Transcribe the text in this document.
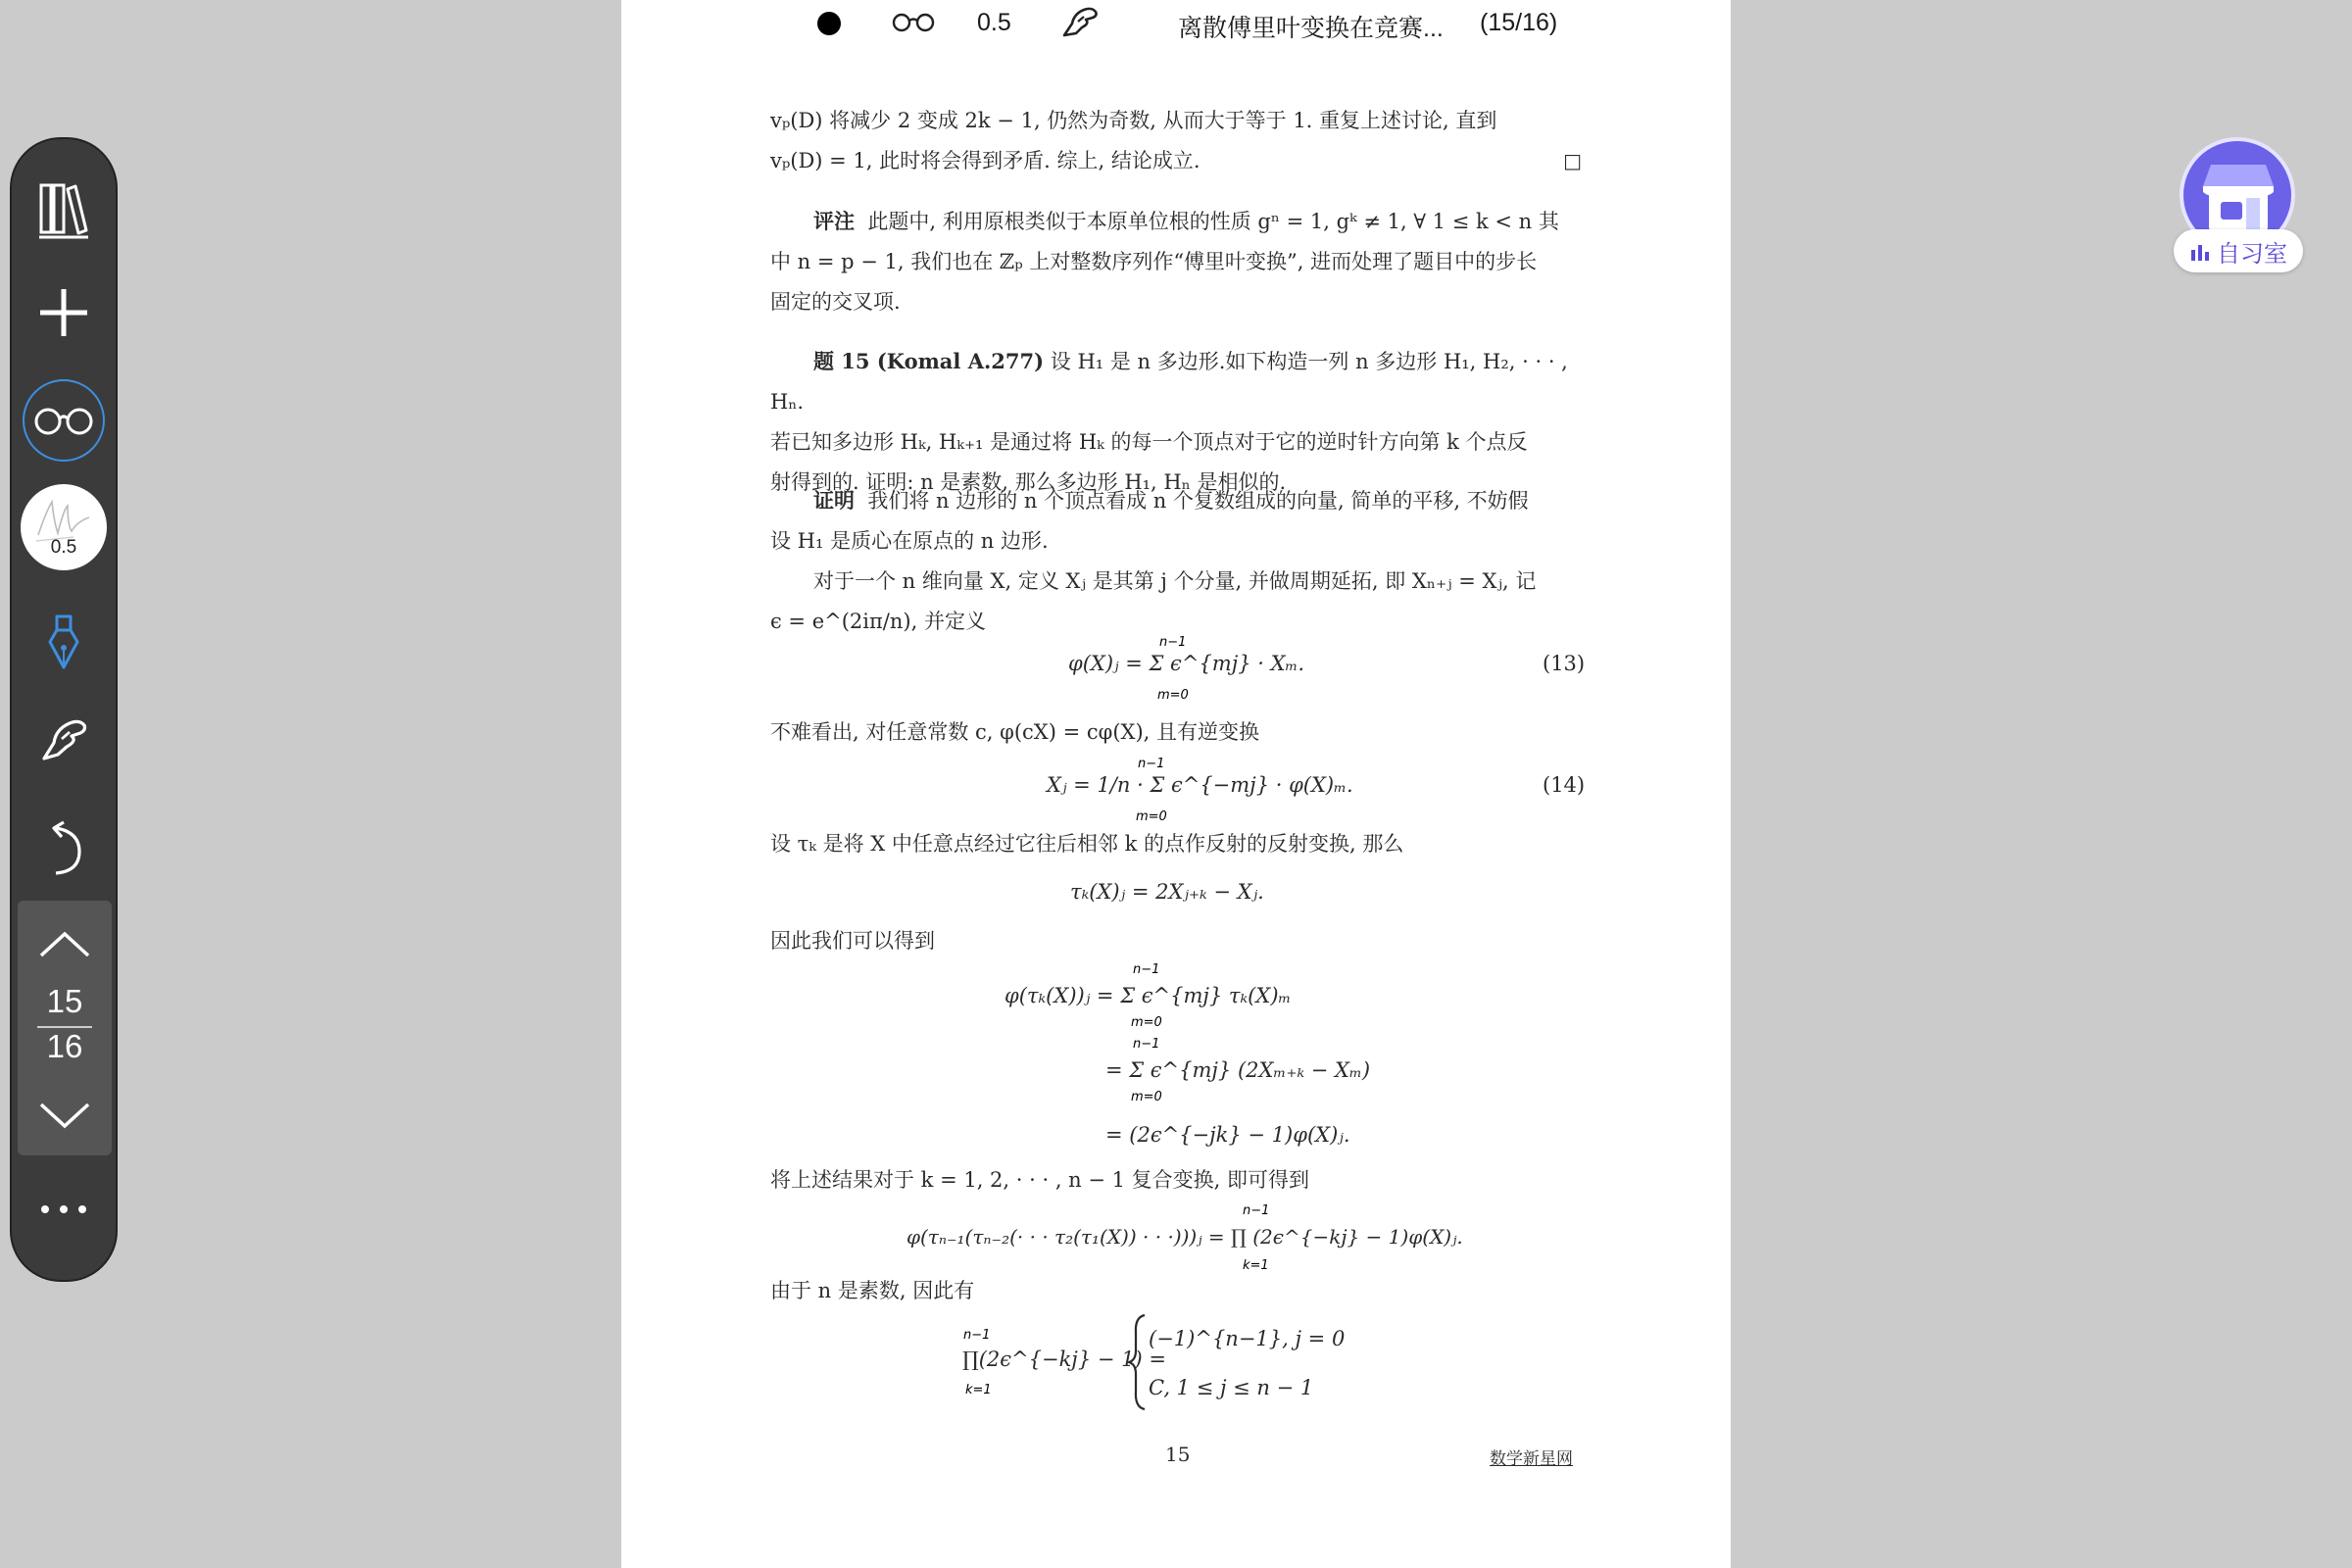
0.5	离散傅里叶变换在竞赛... (15/16)

vₚ(D) 将减少 2 变成 2k − 1, 仍然为奇数, 从而大于等于 1. 重复上述讨论, 直到

vₚ(D) = 1, 此时将会得到矛盾. 综上, 结论成立.	□

评注 此题中, 利用原根类似于本原单位根的性质 gⁿ = 1, gᵏ ≠ 1, ∀ 1 ≤ k < n 其

中 n = p − 1, 我们也在 ℤₚ 上对整数序列作“傅里叶变换”, 进而处理了题目中的步长

固定的交叉项.

题 15 (Komal A.277) 设 H₁ 是 n 多边形.如下构造一列 n 多边形 H₁, H₂, · · · , Hₙ.

若已知多边形 Hₖ, Hₖ₊₁ 是通过将 Hₖ 的每一个顶点对于它的逆时针方向第 k 个点反

射得到的. 证明: n 是素数, 那么多边形 H₁, Hₙ 是相似的.

证明 我们将 n 边形的 n 个顶点看成 n 个复数组成的向量, 简单的平移, 不妨假

设 H₁ 是质心在原点的 n 边形.

对于一个 n 维向量 X, 定义 Xⱼ 是其第 j 个分量, 并做周期延拓, 即 Xₙ₊ⱼ = Xⱼ, 记

ϵ = e^(2iπ/n), 并定义

φ(X)ⱼ = Σ ϵ^{mj} · Xₘ.
n−1
m=0
(13)

不难看出, 对任意常数 c, φ(cX) = cφ(X), 且有逆变换

Xⱼ = 1/n · Σ ϵ^{−mj} · φ(X)ₘ.
n−1
m=0
(14)

设 τₖ 是将 X 中任意点经过它往后相邻 k 的点作反射的反射变换, 那么

τₖ(X)ⱼ = 2Xⱼ₊ₖ − Xⱼ.

因此我们可以得到

φ(τₖ(X))ⱼ = Σ ϵ^{mj} τₖ(X)ₘ
n−1
m=0
= Σ ϵ^{mj} (2Xₘ₊ₖ − Xₘ)
n−1
m=0
= (2ϵ^{−jk} − 1)φ(X)ⱼ.

将上述结果对于 k = 1, 2, · · · , n − 1 复合变换, 即可得到

φ(τₙ₋₁(τₙ₋₂(· · · τ₂(τ₁(X)) · · ·)))ⱼ = ∏ (2ϵ^{−kj} − 1)φ(X)ⱼ.
n−1
k=1

由于 n 是素数, 因此有

∏(2ϵ^{−kj} − 1) =
n−1
k=1
(−1)^{n−1}, j = 0
C, 1 ≤ j ≤ n − 1
15	数学新星网
0.5
15
16
自习室
